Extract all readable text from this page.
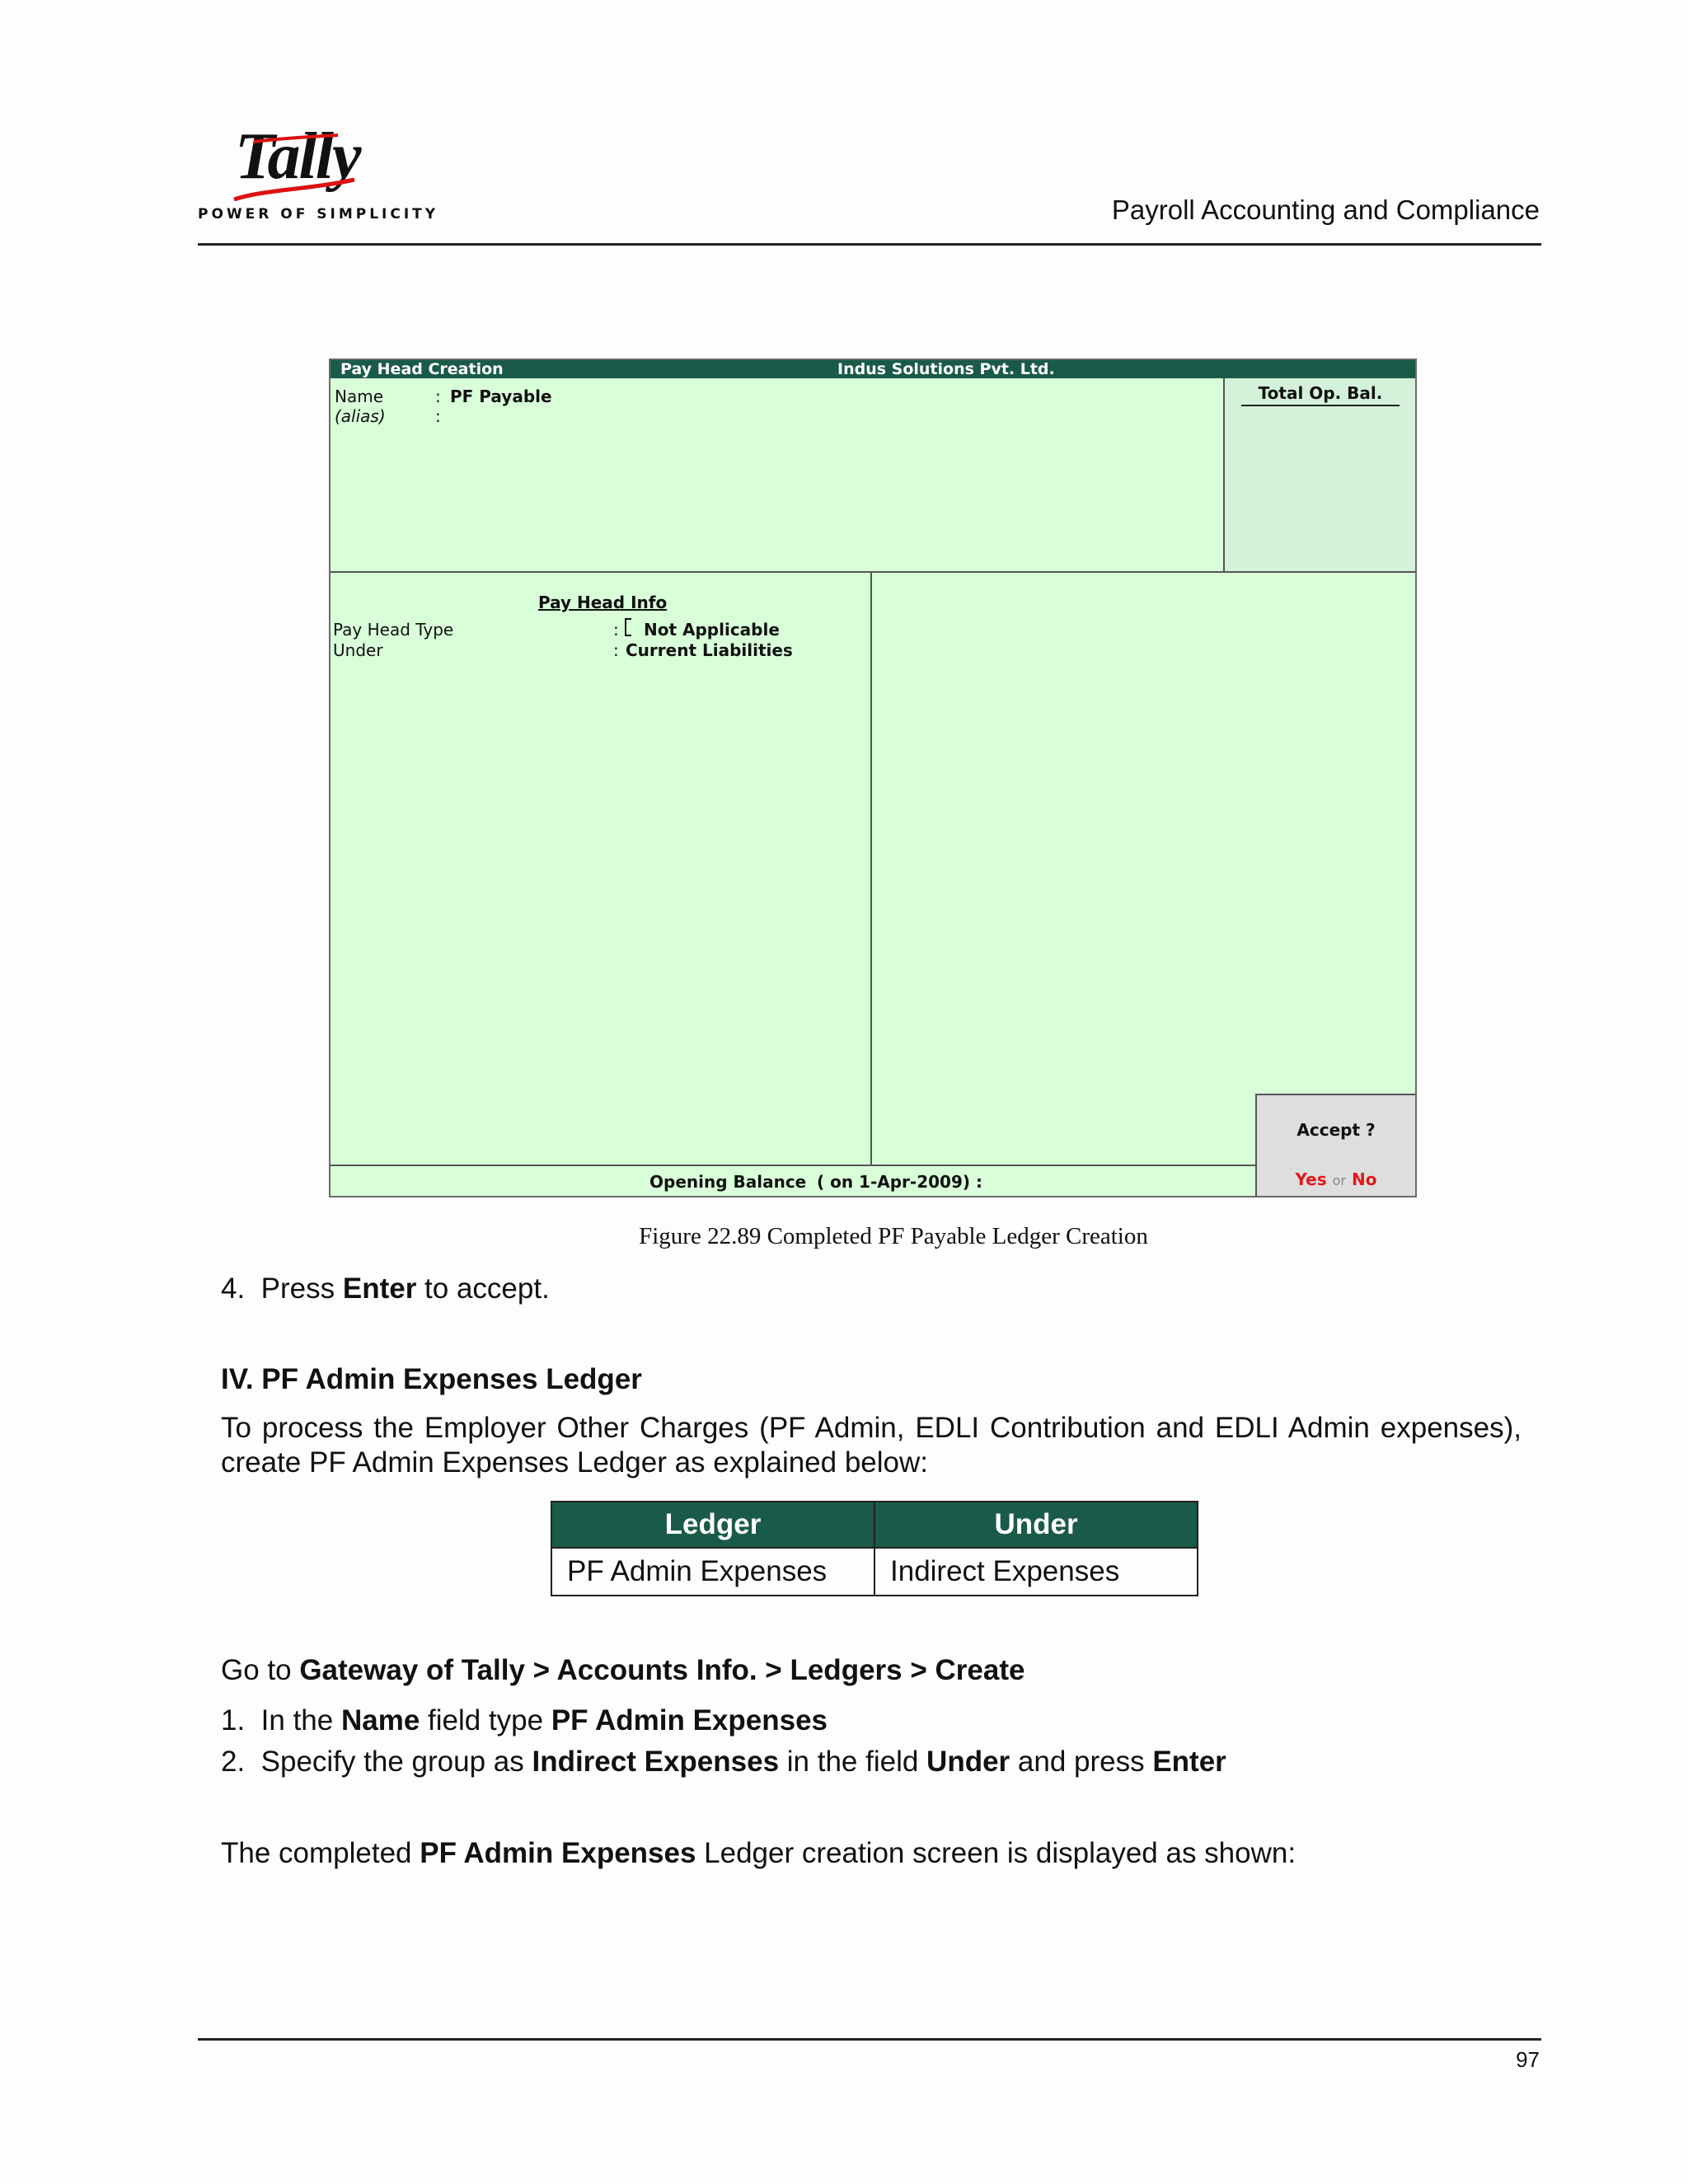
Tally
POWER OF SIMPLICITY	Payroll Accounting and Compliance
Pay Head Creation	Indus Solutions Pvt. Ltd.
Name	: PF Payable
(alias)	:
Total Op. Bal.
Pay Head Info
Pay Head Type	: Not Applicable
Under	: Current Liabilities
Opening Balance ( on 1-Apr-2009) :
Accept ?
Yes or No
Figure 22.89 Completed PF Payable Ledger Creation
4. Press Enter to accept.
IV. PF Admin Expenses Ledger
To process the Employer Other Charges (PF Admin, EDLI Contribution and EDLI Admin expenses), create PF Admin Expenses Ledger as explained below:
Ledger	Under
PF Admin Expenses	Indirect Expenses
Go to Gateway of Tally > Accounts Info. > Ledgers > Create
1. In the Name field type PF Admin Expenses
2. Specify the group as Indirect Expenses in the field Under and press Enter
The completed PF Admin Expenses Ledger creation screen is displayed as shown:
97
